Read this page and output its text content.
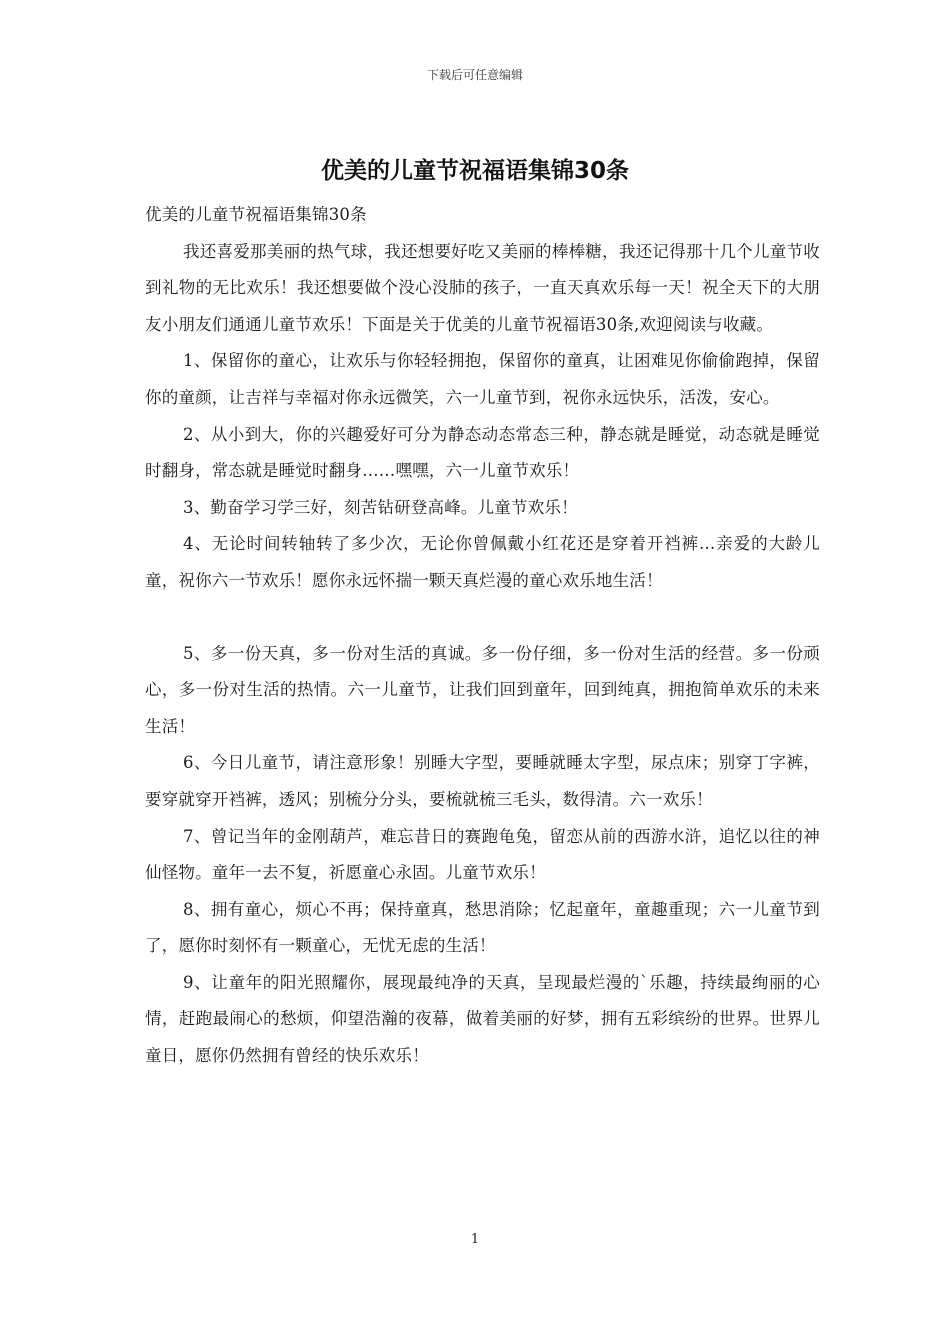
下载后可任意编辑
优美的儿童节祝福语集锦30条

优美的儿童节祝福语集锦30条

我还喜爱那美丽的热气球，我还想要好吃又美丽的棒棒糖，我还记得那十几个儿童节收到礼物的无比欢乐！我还想要做个没心没肺的孩子，一直天真欢乐每一天！祝全天下的大朋友小朋友们通通儿童节欢乐！下面是关于优美的儿童节祝福语30条,欢迎阅读与收藏。

1、保留你的童心，让欢乐与你轻轻拥抱，保留你的童真，让困难见你偷偷跑掉，保留你的童颜，让吉祥与幸福对你永远微笑，六一儿童节到，祝你永远快乐，活泼，安心。

2、从小到大，你的兴趣爱好可分为静态动态常态三种，静态就是睡觉，动态就是睡觉时翻身，常态就是睡觉时翻身……嘿嘿，六一儿童节欢乐！

3、勤奋学习学三好，刻苦钻研登高峰。儿童节欢乐！

4、无论时间转轴转了多少次，无论你曾佩戴小红花还是穿着开裆裤…亲爱的大龄儿童，祝你六一节欢乐！愿你永远怀揣一颗天真烂漫的童心欢乐地生活！

5、多一份天真，多一份对生活的真诚。多一份仔细，多一份对生活的经营。多一份顽心，多一份对生活的热情。六一儿童节，让我们回到童年，回到纯真，拥抱简单欢乐的未来生活！

6、今日儿童节，请注意形象！别睡大字型，要睡就睡太字型，尿点床；别穿丁字裤，要穿就穿开裆裤，透风；别梳分分头，要梳就梳三毛头，数得清。六一欢乐！

7、曾记当年的金刚葫芦，难忘昔日的赛跑龟兔，留恋从前的西游水浒，追忆以往的神仙怪物。童年一去不复，祈愿童心永固。儿童节欢乐！

8、拥有童心，烦心不再；保持童真，愁思消除；忆起童年，童趣重现；六一儿童节到了，愿你时刻怀有一颗童心，无忧无虑的生活！

9、让童年的阳光照耀你，展现最纯净的天真，呈现最烂漫的`乐趣，持续最绚丽的心情，赶跑最闹心的愁烦，仰望浩瀚的夜幕，做着美丽的好梦，拥有五彩缤纷的世界。世界儿童日，愿你仍然拥有曾经的快乐欢乐！

1
